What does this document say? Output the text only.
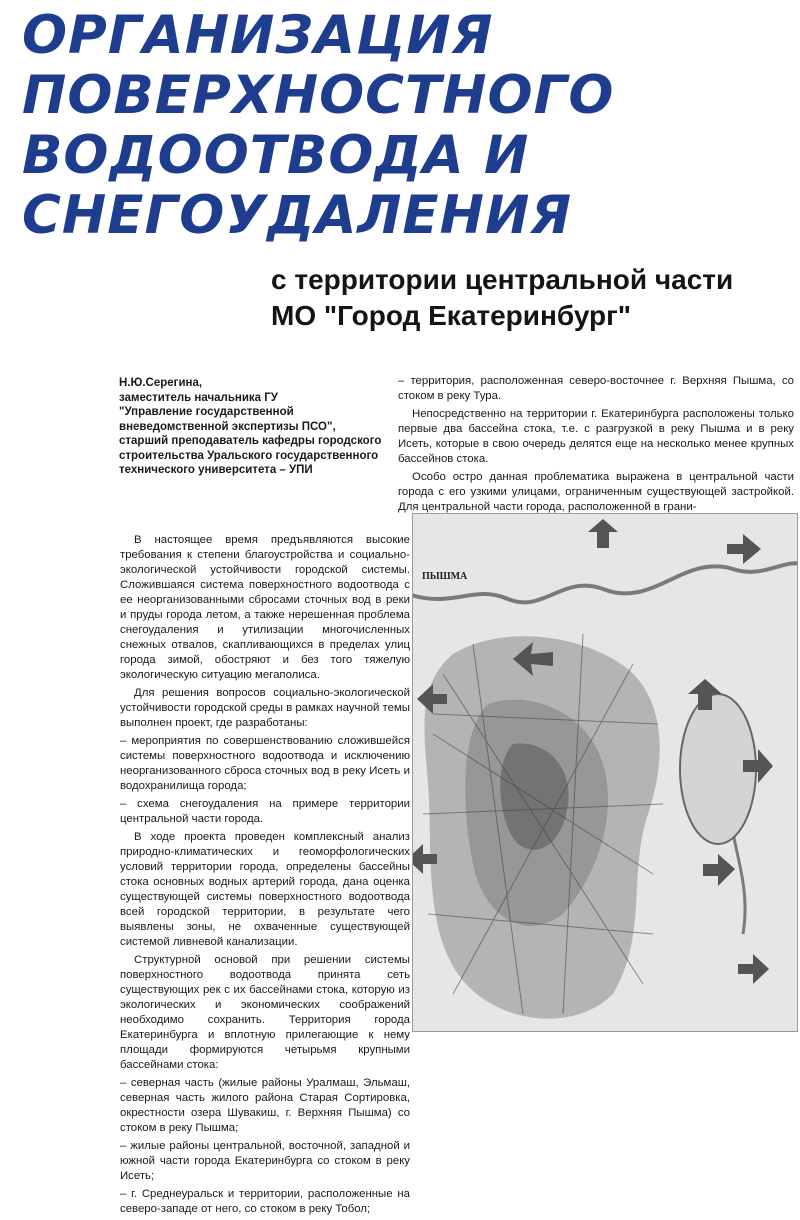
ОРГАНИЗАЦИЯ
ПОВЕРХНОСТНОГО
ВОДООТВОДА И
СНЕГОУДАЛЕНИЯ
с территории центральной части
МО "Город Екатеринбург"
Н.Ю.Серегина,
заместитель начальника ГУ
"Управление государственной
вневедомственной экспертизы ПСО",
старший преподаватель кафедры городского
строительства Уральского государственного
технического университета – УПИ

В настоящее время предъявляются высокие требования к степени благоустройства и социально-экологической устойчивости городской системы. Сложившаяся система поверхностного водоотвода с ее неорганизованными сбросами сточных вод в реки и пруды города летом, а также нерешенная проблема снегоудаления и утилизации многочисленных снежных отвалов, скапливающихся в пределах улиц города зимой, обостряют и без того тяжелую экологическую ситуацию мегаполиса.

Для решения вопросов социально-экологической устойчивости городской среды в рамках научной темы выполнен проект, где разработаны:

– мероприятия по совершенствованию сложившейся системы поверхностного водоотвода и исключению неорганизованного сброса сточных вод в реку Исеть и водохранилища города;

– схема снегоудаления на примере территории центральной части города.

В ходе проекта проведен комплексный анализ природно-климатических и геоморфологических условий территории города, определены бассейны стока основных водных артерий города, дана оценка существующей системы поверхностного водоотвода всей городской территории, в результате чего выявлены зоны, не охваченные существующей системой ливневой канализации.

Структурной основой при решении системы поверхностного водоотвода принята сеть существующих рек с их бассейнами стока, которую из экологических и экономических соображений необходимо сохранить. Территория города Екатеринбурга и вплотную прилегающие к нему площади формируются четырьмя крупными бассейнами стока:

– северная часть (жилые районы Уралмаш, Эльмаш, северная часть жилого района Старая Сортировка, окрестности озера Шувакиш, г. Верхняя Пышма) со стоком в реку Пышма;

– жилые районы центральной, восточной, западной и южной части города Екатеринбурга со стоком в реку Исеть;

– г. Среднеуральск и территории, расположенные на северо-западе от него, со стоком в реку Тобол;

– территория, расположенная северо-восточнее г. Верхняя Пышма, со стоком в реку Тура.

Непосредственно на территории г. Екатеринбурга расположены только первые два бассейна стока, т.е. с разгрузкой в реку Пышма и в реку Исеть, которые в свою очередь делятся еще на несколько менее крупных бассейнов стока.

Особо остро данная проблематика выражена в центральной части города с его узкими улицами, ограниченным существующей застройкой. Для центральной части города, расположенной в грани-

ПЫШМА
